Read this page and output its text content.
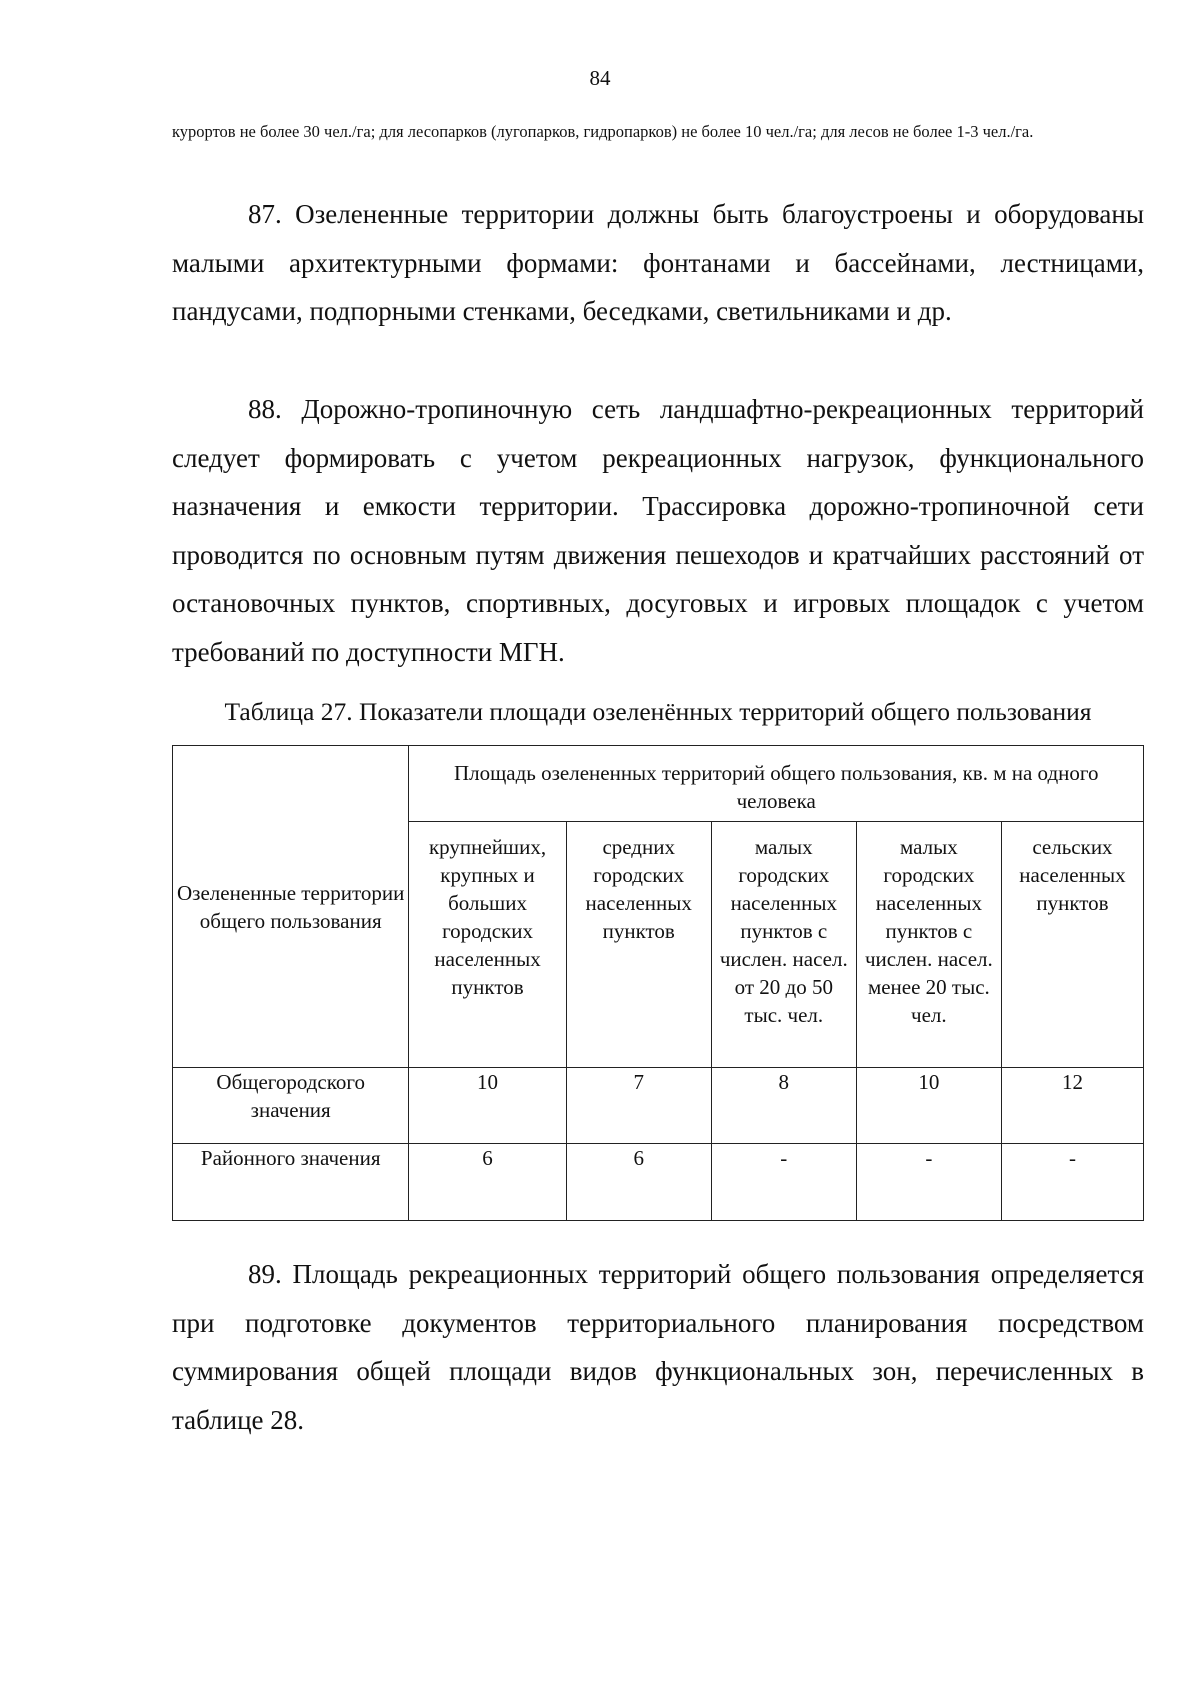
84
курортов не более 30 чел./га; для лесопарков (лугопарков, гидропарков) не более 10 чел./га; для лесов не более 1-3 чел./га.

87. Озелененные территории должны быть благоустроены и оборудованы малыми архитектурными формами: фонтанами и бассейнами, лестницами, пандусами, подпорными стенками, беседками, светильниками и др.

88. Дорожно-тропиночную сеть ландшафтно-рекреационных территорий следует формировать с учетом рекреационных нагрузок, функционального назначения и емкости территории. Трассировка дорожно-тропиночной сети проводится по основным путям движения пешеходов и кратчайших расстояний от остановочных пунктов, спортивных, досуговых и игровых площадок с учетом требований по доступности МГН.

Таблица 27. Показатели площади озеленённых территорий общего пользования
Озелененные территории общего пользования	Площадь озелененных территорий общего пользования, кв. м на одного человека				
	крупнейших, крупных и больших городских населенных пунктов	средних городских населенных пунктов	малых городских населенных пунктов с числен. насел. от 20 до 50 тыс. чел.	малых городских населенных пунктов с числен. насел. менее 20 тыс. чел.	сельских населенных пунктов
Общегородского значения	10	7	8	10	12
Районного значения	6	6	-	-	-

89. Площадь рекреационных территорий общего пользования определяется при подготовке документов территориального планирования посредством суммирования общей площади видов функциональных зон, перечисленных в таблице 28.
